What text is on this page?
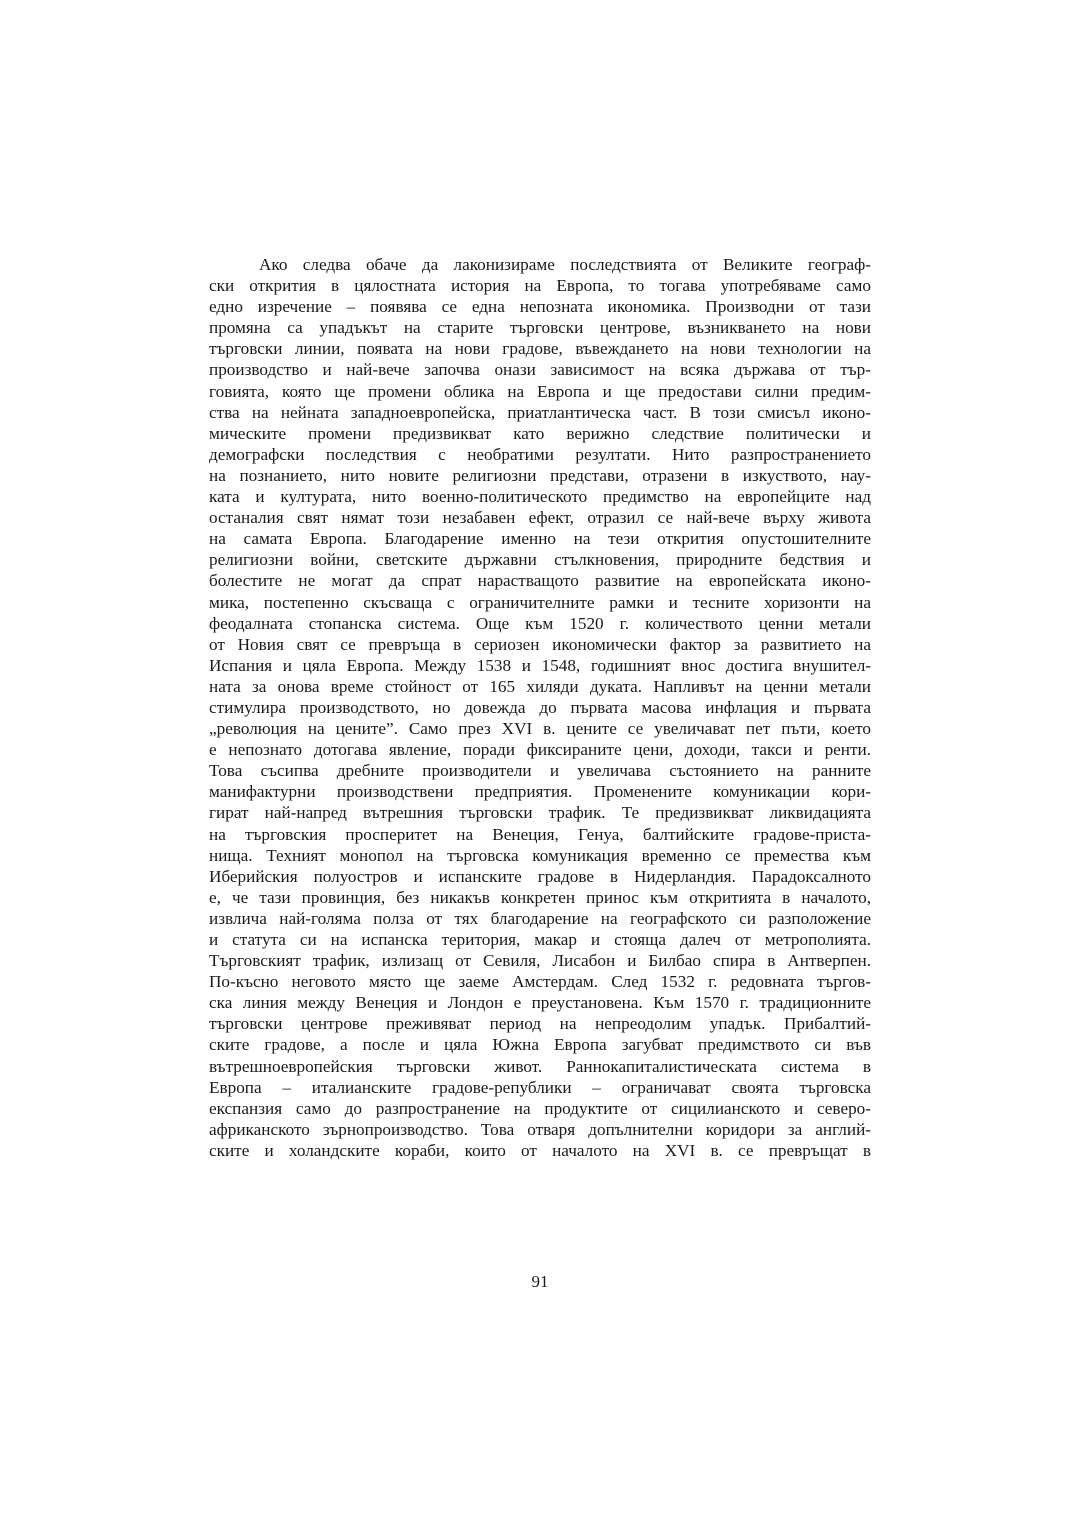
Ако следва обаче да лаконизираме последствията от Великите географ-
ски открития в цялостната история на Европа, то тогава употребяваме само
едно изречение – появява се една непозната икономика. Производни от тази
промяна са упадъкът на старите търговски центрове, възникването на нови
търговски линии, появата на нови градове, въвеждането на нови технологии на
производство и най-вече започва онази зависимост на всяка държава от тър-
говията, която ще промени облика на Европа и ще предостави силни предим-
ства на нейната западноевропейска, приатлантическа част. В този смисъл иконо-
мическите промени предизвикват като верижно следствие политически и
демографски последствия с необратими резултати. Нито разпространението
на познанието, нито новите религиозни представи, отразени в изкуството, нау-
ката и културата, нито военно-политическото предимство на европейците над
останалия свят нямат този незабавен ефект, отразил се най-вече върху живота
на самата Европа. Благодарение именно на тези открития опустошителните
религиозни войни, светските държавни стълкновения, природните бедствия и
болестите не могат да спрат нарастващото развитие на европейската иконо-
мика, постепенно скъсваща с ограничителните рамки и тесните хоризонти на
феодалната стопанска система. Още към 1520 г. количеството ценни метали
от Новия свят се превръща в сериозен икономически фактор за развитието на
Испания и цяла Европа. Между 1538 и 1548, годишният внос достига внушител-
ната за онова време стойност от 165 хиляди дуката. Напливът на ценни метали
стимулира производството, но довежда до първата масова инфлация и първата
„революция на цените”. Само през XVI в. цените се увеличават пет пъти, което
е непознато дотогава явление, поради фиксираните цени, доходи, такси и ренти.
Това съсипва дребните производители и увеличава състоянието на ранните
манифактурни производствени предприятия. Променените комуникации кори-
гират най-напред вътрешния търговски трафик. Те предизвикват ликвидацията
на търговския просперитет на Венеция, Генуа, балтийските градове-приста-
нища. Техният монопол на търговска комуникация временно се премества към
Иберийския полуостров и испанските градове в Нидерландия. Парадоксалното
е, че тази провинция, без никакъв конкретен принос към откритията в началото,
извлича най-голяма полза от тях благодарение на географското си разположение
и статута си на испанска територия, макар и стояща далеч от метрополията.
Търговският трафик, излизащ от Севиля, Лисабон и Билбао спира в Антверпен.
По-късно неговото място ще заеме Амстердам. След 1532 г. редовната търгов-
ска линия между Венеция и Лондон е преустановена. Към 1570 г. традиционните
търговски центрове преживяват период на непреодолим упадък. Прибалтий-
ските градове, а после и цяла Южна Европа загубват предимството си във
вътрешноевропейския търговски живот. Раннокапиталистическата система в
Европа – италианските градове-републики – ограничават своята търговска
експанзия само до разпространение на продуктите от сицилианското и северо-
африканското зърнопроизводство. Това отваря допълнителни коридори за англий-
ските и холандските кораби, които от началото на XVI в. се превръщат в
91
